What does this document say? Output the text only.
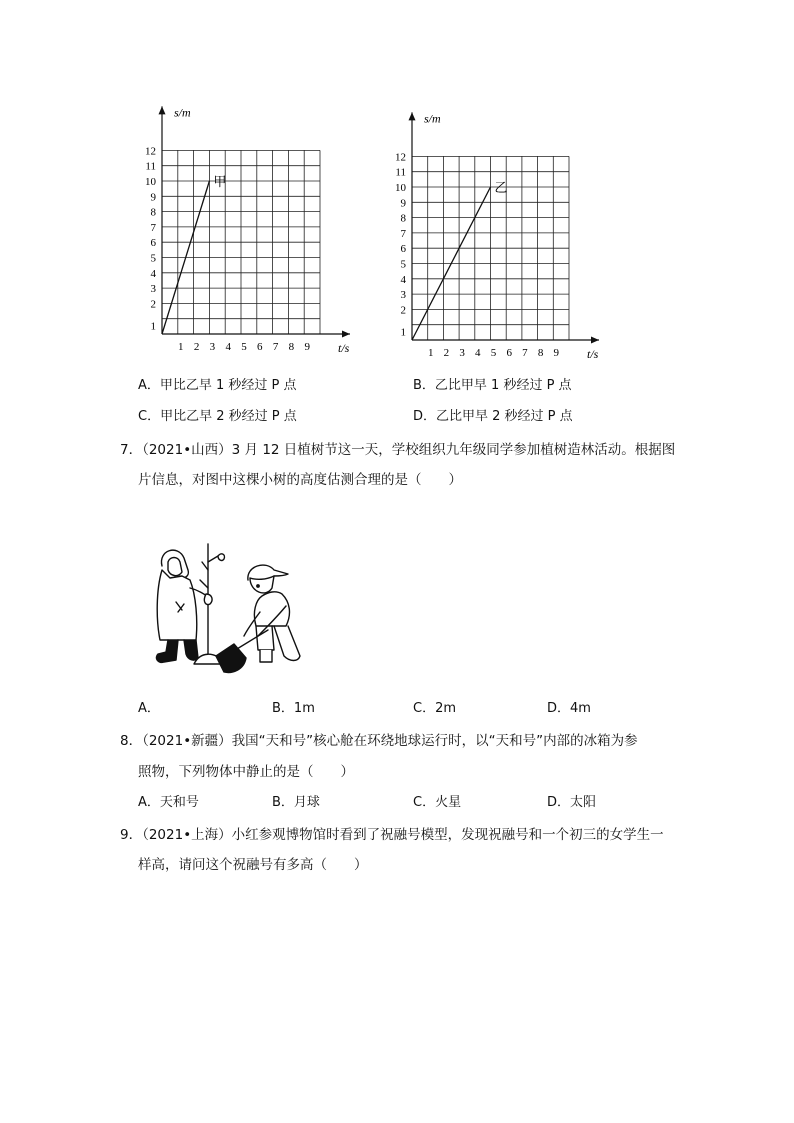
s/m
t/s
1 2 3 4 5 6 7 8 9
1
2
3
4
5
6
7
8
9
10
11
12
甲
s/m
t/s
1 2 3 4 5 6 7 8 9
1
2
3
4
5
6
7
8
9
10
11
12
乙
A．甲比乙早 1 秒经过 P 点	B．乙比甲早 1 秒经过 P 点
C．甲比乙早 2 秒经过 P 点	D．乙比甲早 2 秒经过 P 点
7．（2021•山西）3 月 12 日植树节这一天，学校组织九年级同学参加植树造林活动。根据图
片信息，对图中这棵小树的高度估测合理的是（　　）
A．	B．1m	C．2m	D．4m
8．（2021•新疆）我国“天和号”核心舱在环绕地球运行时，以“天和号”内部的冰箱为参
照物，下列物体中静止的是（　　）
A．天和号	B．月球	C．火星	D．太阳
9．（2021•上海）小红参观博物馆时看到了祝融号模型，发现祝融号和一个初三的女学生一
样高，请问这个祝融号有多高（　　）
